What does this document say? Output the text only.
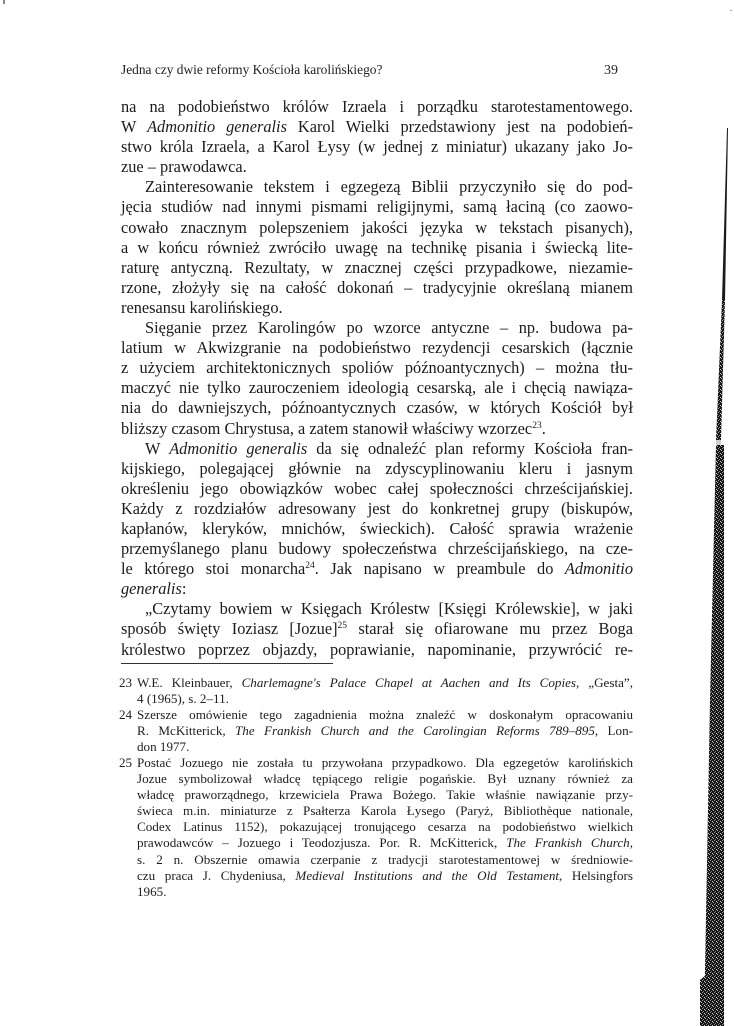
Jedna czy dwie reformy Kościoła karolińskiego?	39
na na podobieństwo królów Izraela i porządku starotestamentowego.
W Admonitio generalis Karol Wielki przedstawiony jest na podobień-
stwo króla Izraela, a Karol Łysy (w jednej z miniatur) ukazany jako Jo-
zue – prawodawca.
Zainteresowanie tekstem i egzegezą Biblii przyczyniło się do pod-
jęcia studiów nad innymi pismami religijnymi, samą łaciną (co zaowo-
cowało znacznym polepszeniem jakości języka w tekstach pisanych),
a w końcu również zwróciło uwagę na technikę pisania i świecką lite-
raturę antyczną. Rezultaty, w znacznej części przypadkowe, niezamie-
rzone, złożyły się na całość dokonań – tradycyjnie określaną mianem
renesansu karolińskiego.
Sięganie przez Karolingów po wzorce antyczne – np. budowa pa-
latium w Akwizgranie na podobieństwo rezydencji cesarskich (łącznie
z użyciem architektonicznych spoliów późnoantycznych) – można tłu-
maczyć nie tylko zauroczeniem ideologią cesarską, ale i chęcią nawiąza-
nia do dawniejszych, późnoantycznych czasów, w których Kościół był
bliższy czasom Chrystusa, a zatem stanowił właściwy wzorzec$^{23}$.
W Admonitio generalis da się odnaleźć plan reformy Kościoła fran-
kijskiego, polegającej głównie na zdyscyplinowaniu kleru i jasnym
określeniu jego obowiązków wobec całej społeczności chrześcijańskiej.
Każdy z rozdziałów adresowany jest do konkretnej grupy (biskupów,
kapłanów, kleryków, mnichów, świeckich). Całość sprawia wrażenie
przemyślanego planu budowy społeczeństwa chrześcijańskiego, na cze-
le którego stoi monarcha$^{24}$. Jak napisano w preambule do Admonitio
generalis:
„Czytamy bowiem w Księgach Królestw [Księgi Królewskie], w jaki
sposób święty Ioziasz [Jozue]$^{25}$ starał się ofiarowane mu przez Boga
królestwo poprzez objazdy, poprawianie, napominanie, przywrócić re-
23 W.E. Kleinbauer, Charlemagne's Palace Chapel at Aachen and Its Copies, „Gesta”,
4 (1965), s. 2–11.
24 Szersze omówienie tego zagadnienia można znaleźć w doskonałym opracowaniu
R. McKitterick, The Frankish Church and the Carolingian Reforms 789–895, Lon-
don 1977.
25 Postać Jozuego nie została tu przywołana przypadkowo. Dla egzegetów karolińskich
Jozue symbolizował władcę tępiącego religie pogańskie. Był uznany również za
władcę praworządnego, krzewiciela Prawa Bożego. Takie właśnie nawiązanie przy-
świeca m.in. miniaturze z Psałterza Karola Łysego (Paryż, Bibliothèque nationale,
Codex Latinus 1152), pokazującej tronującego cesarza na podobieństwo wielkich
prawodawców – Jozuego i Teodozjusza. Por. R. McKitterick, The Frankish Church,
s. 2 n. Obszernie omawia czerpanie z tradycji starotestamentowej w średniowie-
czu praca J. Chydeniusa, Medieval Institutions and the Old Testament, Helsingfors
1965.
